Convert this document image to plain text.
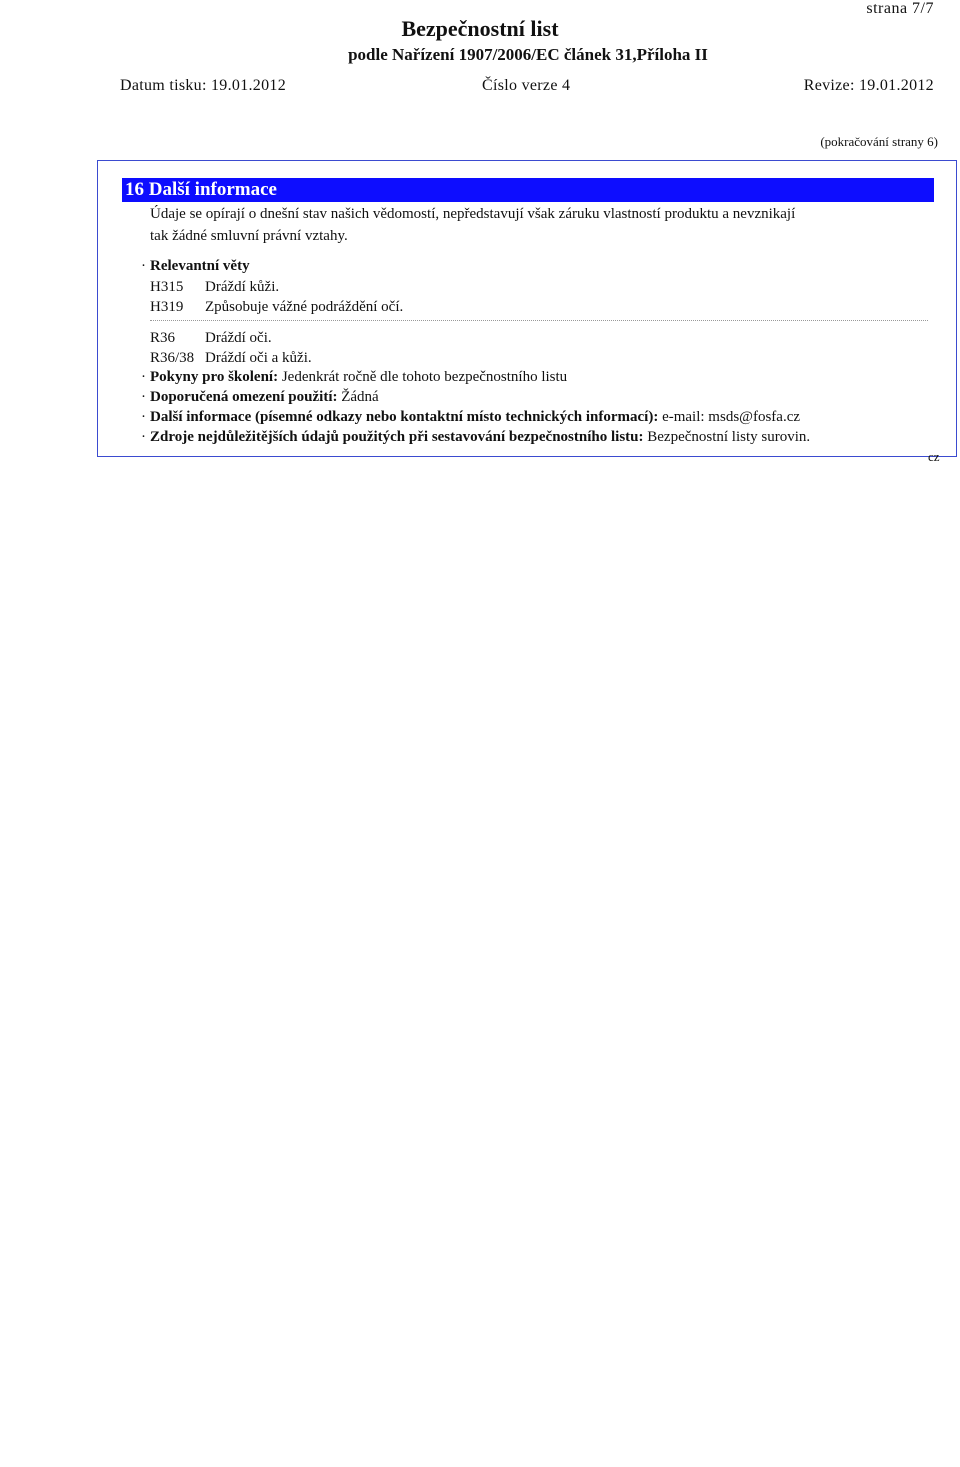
strana 7/7
Bezpečnostní list
podle Nařízení 1907/2006/EC článek 31,Příloha II
Datum tisku: 19.01.2012	Číslo verze 4	Revize: 19.01.2012
(pokračování strany 6)
16 Další informace
Údaje se opírají o dnešní stav našich vědomostí, nepředstavují však záruku vlastností produktu a nevznikají
tak žádné smluvní právní vztahy.
· Relevantní věty
H315 Dráždí kůži.
H319 Způsobuje vážné podráždění očí.
R36 Dráždí oči.
R36/38 Dráždí oči a kůži.
· Pokyny pro školení: Jedenkrát ročně dle tohoto bezpečnostního listu
· Doporučená omezení použití: Žádná
· Další informace (písemné odkazy nebo kontaktní místo technických informací): e-mail: msds@fosfa.cz
· Zdroje nejdůležitějších údajů použitých při sestavování bezpečnostního listu: Bezpečnostní listy surovin.
cz
